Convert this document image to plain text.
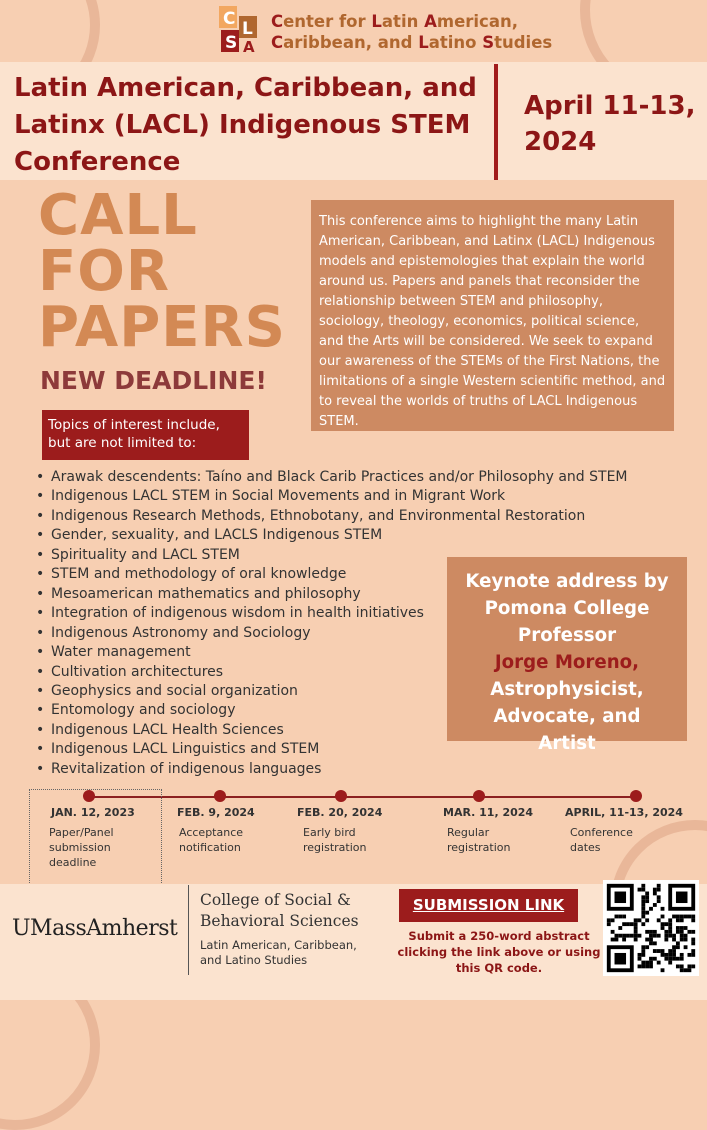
C L
A
S
Center for Latin American,
Caribbean, and Latino Studies
Latin American, Caribbean, and Latinx (LACL) Indigenous STEM Conference
April 11-13, 2024
CALL
FOR
PAPERS
NEW DEADLINE!
This conference aims to highlight the many Latin American, Caribbean, and Latinx (LACL) Indigenous models and epistemologies that explain the world around us. Papers and panels that reconsider the relationship between STEM and philosophy, sociology, theology, economics, political science, and the Arts will be considered. We seek to expand our awareness of the STEMs of the First Nations, the limitations of a single Western scientific method, and to reveal the worlds of truths of LACL Indigenous STEM.
Topics of interest include, but are not limited to:
• Arawak descendents: Taíno and Black Carib Practices and/or Philosophy and STEM
• Indigenous LACL STEM in Social Movements and in Migrant Work
• Indigenous Research Methods, Ethnobotany, and Environmental Restoration
• Gender, sexuality, and LACLS Indigenous STEM
• Spirituality and LACL STEM
• STEM and methodology of oral knowledge
• Mesoamerican mathematics and philosophy
• Integration of indigenous wisdom in health initiatives
• Indigenous Astronomy and Sociology
• Water management
• Cultivation architectures
• Geophysics and social organization
• Entomology and sociology
• Indigenous LACL Health Sciences
• Indigenous LACL Linguistics and STEM
• Revitalization of indigenous languages
Keynote address by Pomona College Professor
Jorge Moreno,
Astrophysicist, Advocate, and Artist
JAN. 12, 2023
Paper/Panel submission deadline
FEB. 9, 2024
Acceptance notification
FEB. 20, 2024
Early bird registration
MAR. 11, 2024
Regular registration
APRIL, 11-13, 2024
Conference dates
UMassAmherst
College of Social & Behavioral Sciences
Latin American, Caribbean, and Latino Studies
SUBMISSION LINK
Submit a 250-word abstract clicking the link above or using this QR code.
